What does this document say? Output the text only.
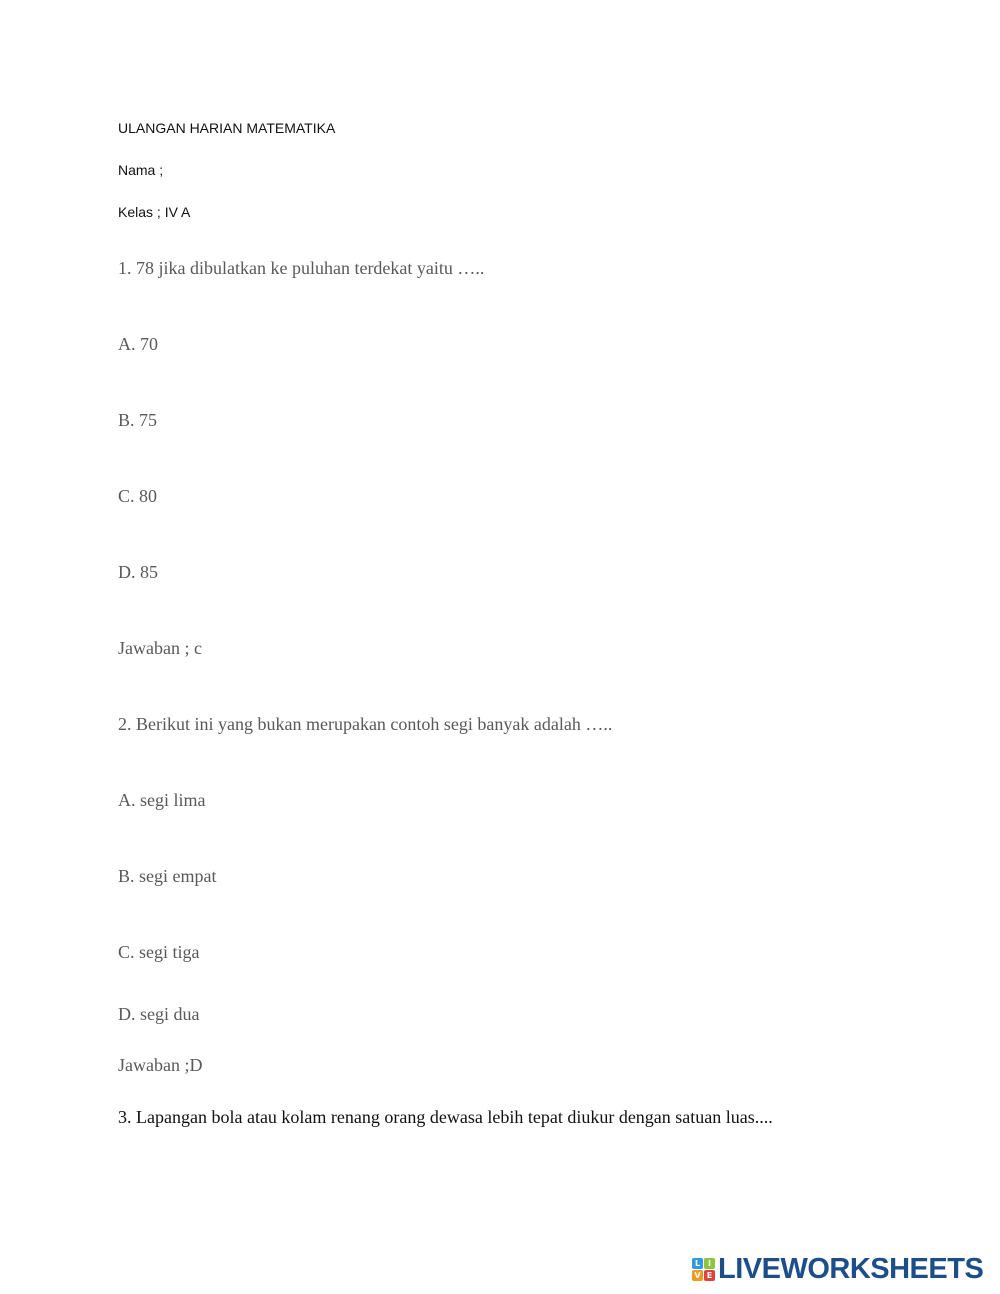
ULANGAN HARIAN MATEMATIKA
Nama ;
Kelas ; IV A
1. 78 jika dibulatkan ke puluhan terdekat yaitu …..
A. 70
B. 75
C. 80
D. 85
Jawaban ; c
2. Berikut ini yang bukan merupakan contoh segi banyak adalah …..
A. segi lima
B. segi empat
C. segi tiga
D. segi dua
Jawaban ;D
3. Lapangan bola atau kolam renang orang dewasa lebih tepat diukur dengan satuan luas....
L I
V E LIVEWORKSHEETS
